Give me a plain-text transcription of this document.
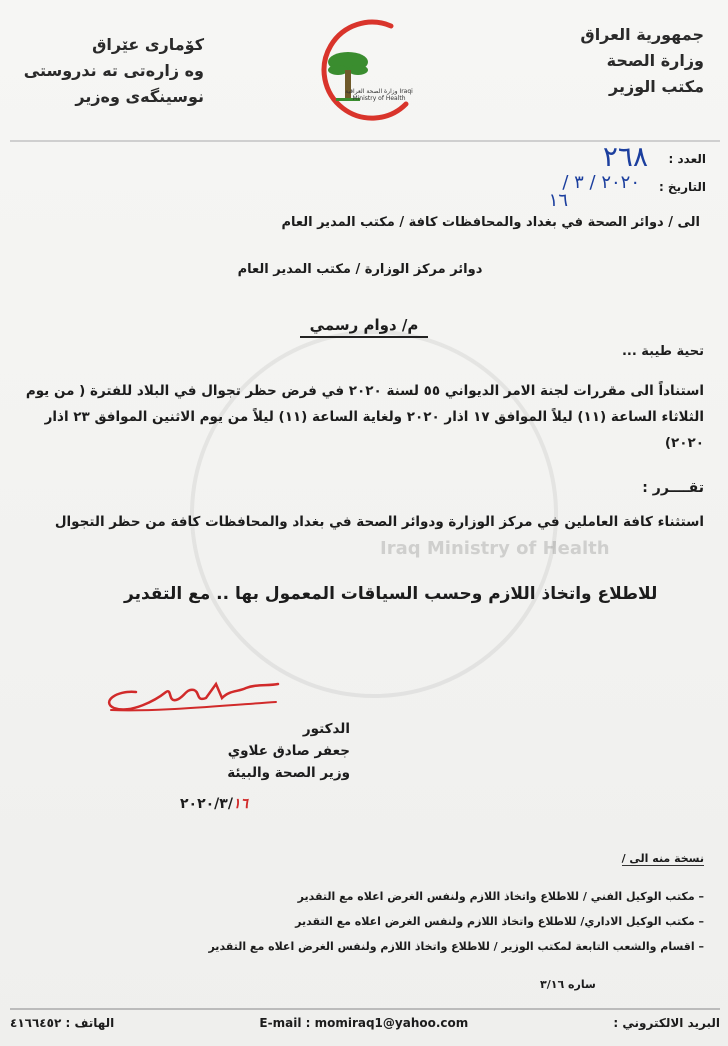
جمهورية العراق
وزارة الصحة
مكتب الوزير
كۆمارى عێراق
وه زارەتى تە ندروستى
نوسينگەى وەزير	وزارة الصحة العراقية Iraqi Ministry of Health
العدد :
٢٦٨
التاريخ :
٢٠٢٠ / ٣ /
١٦
الى / دوائر الصحة في بغداد والمحافظات كافة / مكتب المدير العام
دوائر مركز الوزارة / مكتب المدير العام
م/ دوام رسمي
تحية طيبة ...
استناداً الى مقررات لجنة الامر الديواني ٥٥ لسنة ٢٠٢٠ في فرض حظر تجوال في البلاد للفترة ( من يوم الثلاثاء الساعة (١١) ليلاً الموافق ١٧ اذار ٢٠٢٠ ولغاية الساعة (١١) ليلاً من يوم الاثنين الموافق ٢٣ اذار ٢٠٢٠)
تقــــرر :
استثناء كافة العاملين في مركز الوزارة ودوائر الصحة في بغداد والمحافظات كافة من حظر التجوال
Iraq Ministry of Health
للاطلاع واتخاذ اللازم وحسب السياقات المعمول بها .. مع التقدير
الدكتور
جعفر صادق علاوي
وزير الصحة والبيئة
٢٠٢٠/٣/١٦
نسخة منه الى /
– مكتب الوكيل الفني / للاطلاع واتخاذ اللازم ولنفس الغرض اعلاه مع التقدير
– مكتب الوكيل الاداري/ للاطلاع واتخاذ اللازم ولنفس الغرض اعلاه مع التقدير
– اقسام والشعب التابعة لمكتب الوزير / للاطلاع واتخاذ اللازم ولنفس الغرض اعلاه مع التقدير
ساره ٣/١٦
الهاتف : ٤١٦٦٤٥٢	E-mail : momiraq1@yahoo.com	البريد الالكتروني :
